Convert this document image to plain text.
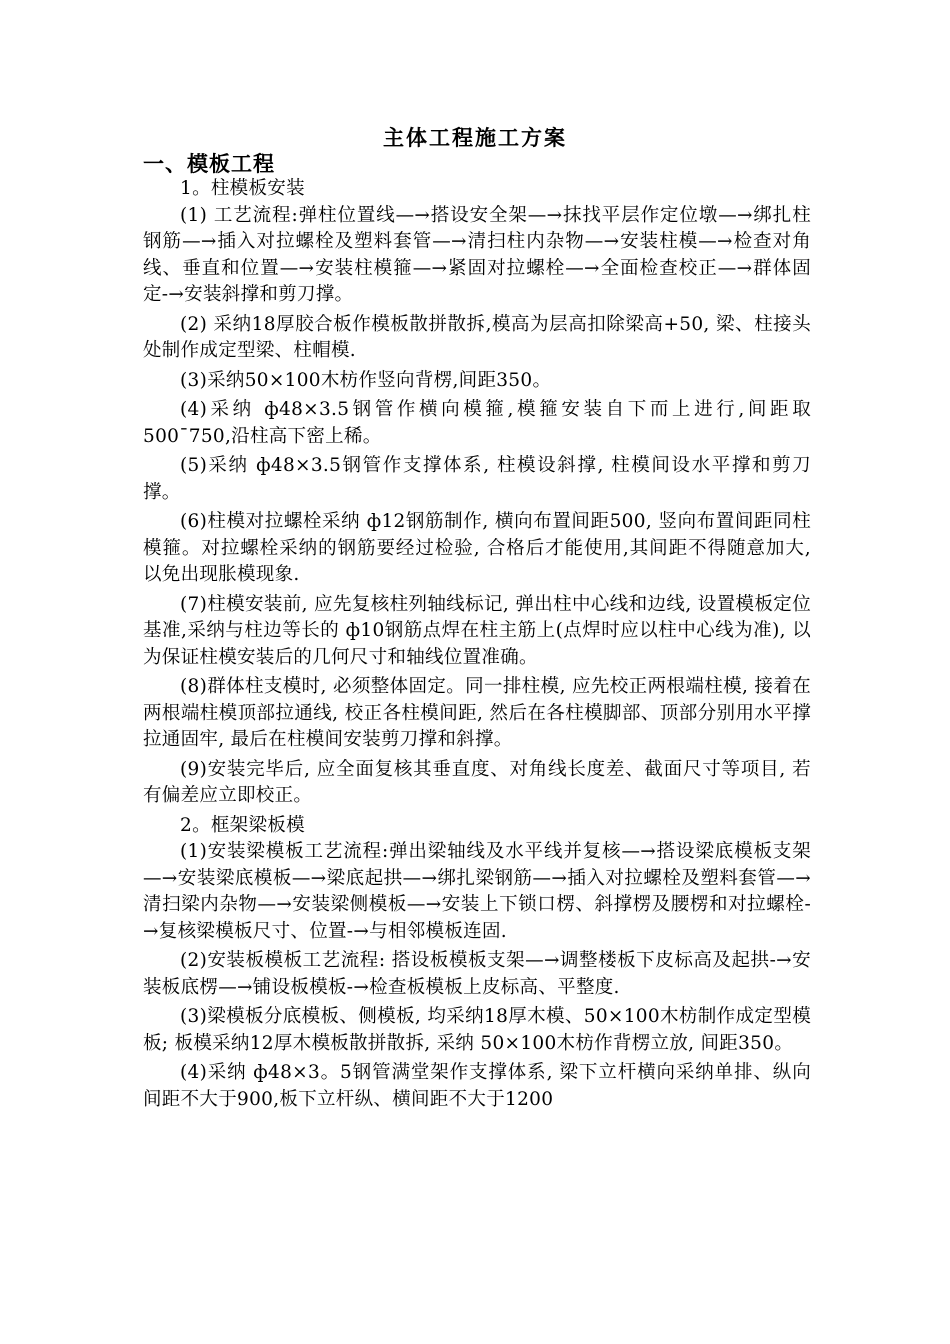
主体工程施工方案
一、模板工程

1。柱模板安装

(1) 工艺流程:弹柱位置线—→搭设安全架—→抹找平层作定位墩—→绑扎柱钢筋—→插入对拉螺栓及塑料套管—→清扫柱内杂物—→安装柱模—→检查对角线、垂直和位置—→安装柱模箍—→紧固对拉螺栓—→全面检查校正—→群体固定-→安装斜撑和剪刀撑。

(2) 采纳18厚胶合板作模板散拼散拆,模高为层高扣除梁高+50, 梁、柱接头处制作成定型梁、柱帽模.

(3)采纳50×100木枋作竖向背楞,间距350。

(4)采纳 ф48×3.5钢管作横向模箍,模箍安装自下而上进行,间距取500¯750,沿柱高下密上稀。

(5)采纳 ф48×3.5钢管作支撑体系, 柱模设斜撑, 柱模间设水平撑和剪刀撑。

(6)柱模对拉螺栓采纳 ф12钢筋制作, 横向布置间距500, 竖向布置间距同柱模箍。对拉螺栓采纳的钢筋要经过检验, 合格后才能使用,其间距不得随意加大, 以免出现胀模现象.

(7)柱模安装前, 应先复核柱列轴线标记, 弹出柱中心线和边线, 设置模板定位基准,采纳与柱边等长的 ф10钢筋点焊在柱主筋上(点焊时应以柱中心线为准), 以为保证柱模安装后的几何尺寸和轴线位置准确。

(8)群体柱支模时, 必须整体固定。同一排柱模, 应先校正两根端柱模, 接着在两根端柱模顶部拉通线, 校正各柱模间距, 然后在各柱模脚部、顶部分别用水平撑拉通固牢, 最后在柱模间安装剪刀撑和斜撑。

(9)安装完毕后, 应全面复核其垂直度、对角线长度差、截面尺寸等项目, 若有偏差应立即校正。

2。框架梁板模

(1)安装梁模板工艺流程:弹出梁轴线及水平线并复核—→搭设梁底模板支架—→安装梁底模板—→梁底起拱—→绑扎梁钢筋—→插入对拉螺栓及塑料套管—→清扫梁内杂物—→安装梁侧模板—→安装上下锁口楞、斜撑楞及腰楞和对拉螺栓-→复核梁模板尺寸、位置-→与相邻模板连固.

(2)安装板模板工艺流程: 搭设板模板支架—→调整楼板下皮标高及起拱-→安装板底楞—→铺设板模板-→检查板模板上皮标高、平整度.

(3)梁模板分底模板、侧模板, 均采纳18厚木模、50×100木枋制作成定型模板; 板模采纳12厚木模板散拼散拆, 采纳 50×100木枋作背楞立放, 间距350。

(4)采纳 ф48×3。5钢管满堂架作支撑体系, 梁下立杆横向采纳单排、纵向间距不大于900,板下立杆纵、横间距不大于1200
